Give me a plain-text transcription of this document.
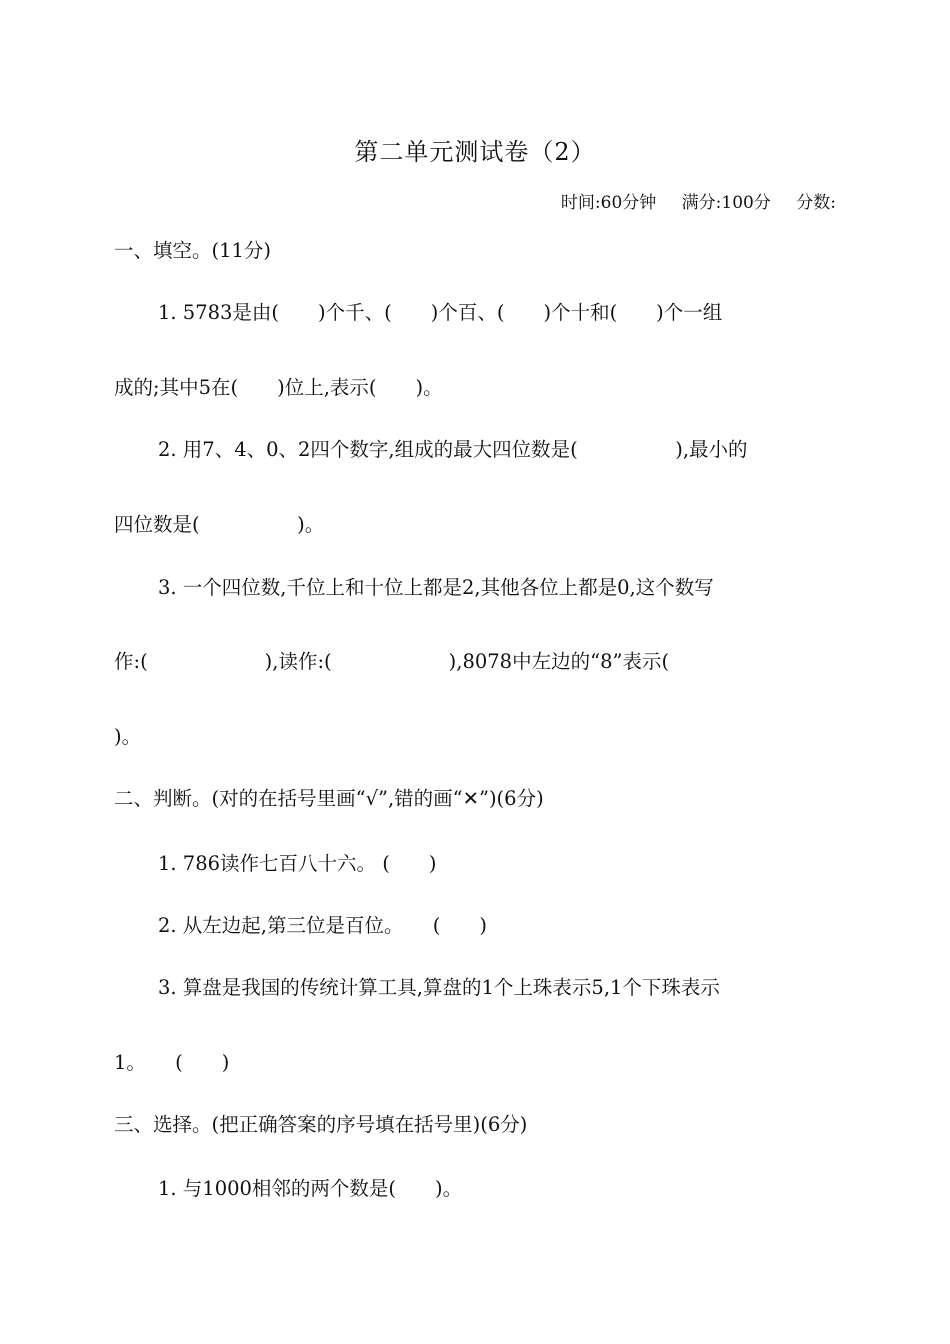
第二单元测试卷（2）
时间:60分钟 满分:100分 分数:
一、填空。(11分)
1. 5783是由(　　)个千、(　　)个百、(　　)个十和(　　)个一组
成的;其中5在(　　)位上,表示(　　)。
2. 用7、4、0、2四个数字,组成的最大四位数是(　　　　　),最小的
四位数是(　　　　　)。
3. 一个四位数,千位上和十位上都是2,其他各位上都是0,这个数写
作:(　　　　　　),读作:(　　　　　　),8078中左边的“8”表示(
)。
二、判断。(对的在括号里画“√”,错的画“✕”)(6分)
1. 786读作七百八十六。 (　　)
2. 从左边起,第三位是百位。　　(　　)
3. 算盘是我国的传统计算工具,算盘的1个上珠表示5,1个下珠表示
1。　　(　　)
三、选择。(把正确答案的序号填在括号里)(6分)
1. 与1000相邻的两个数是(　　)。
